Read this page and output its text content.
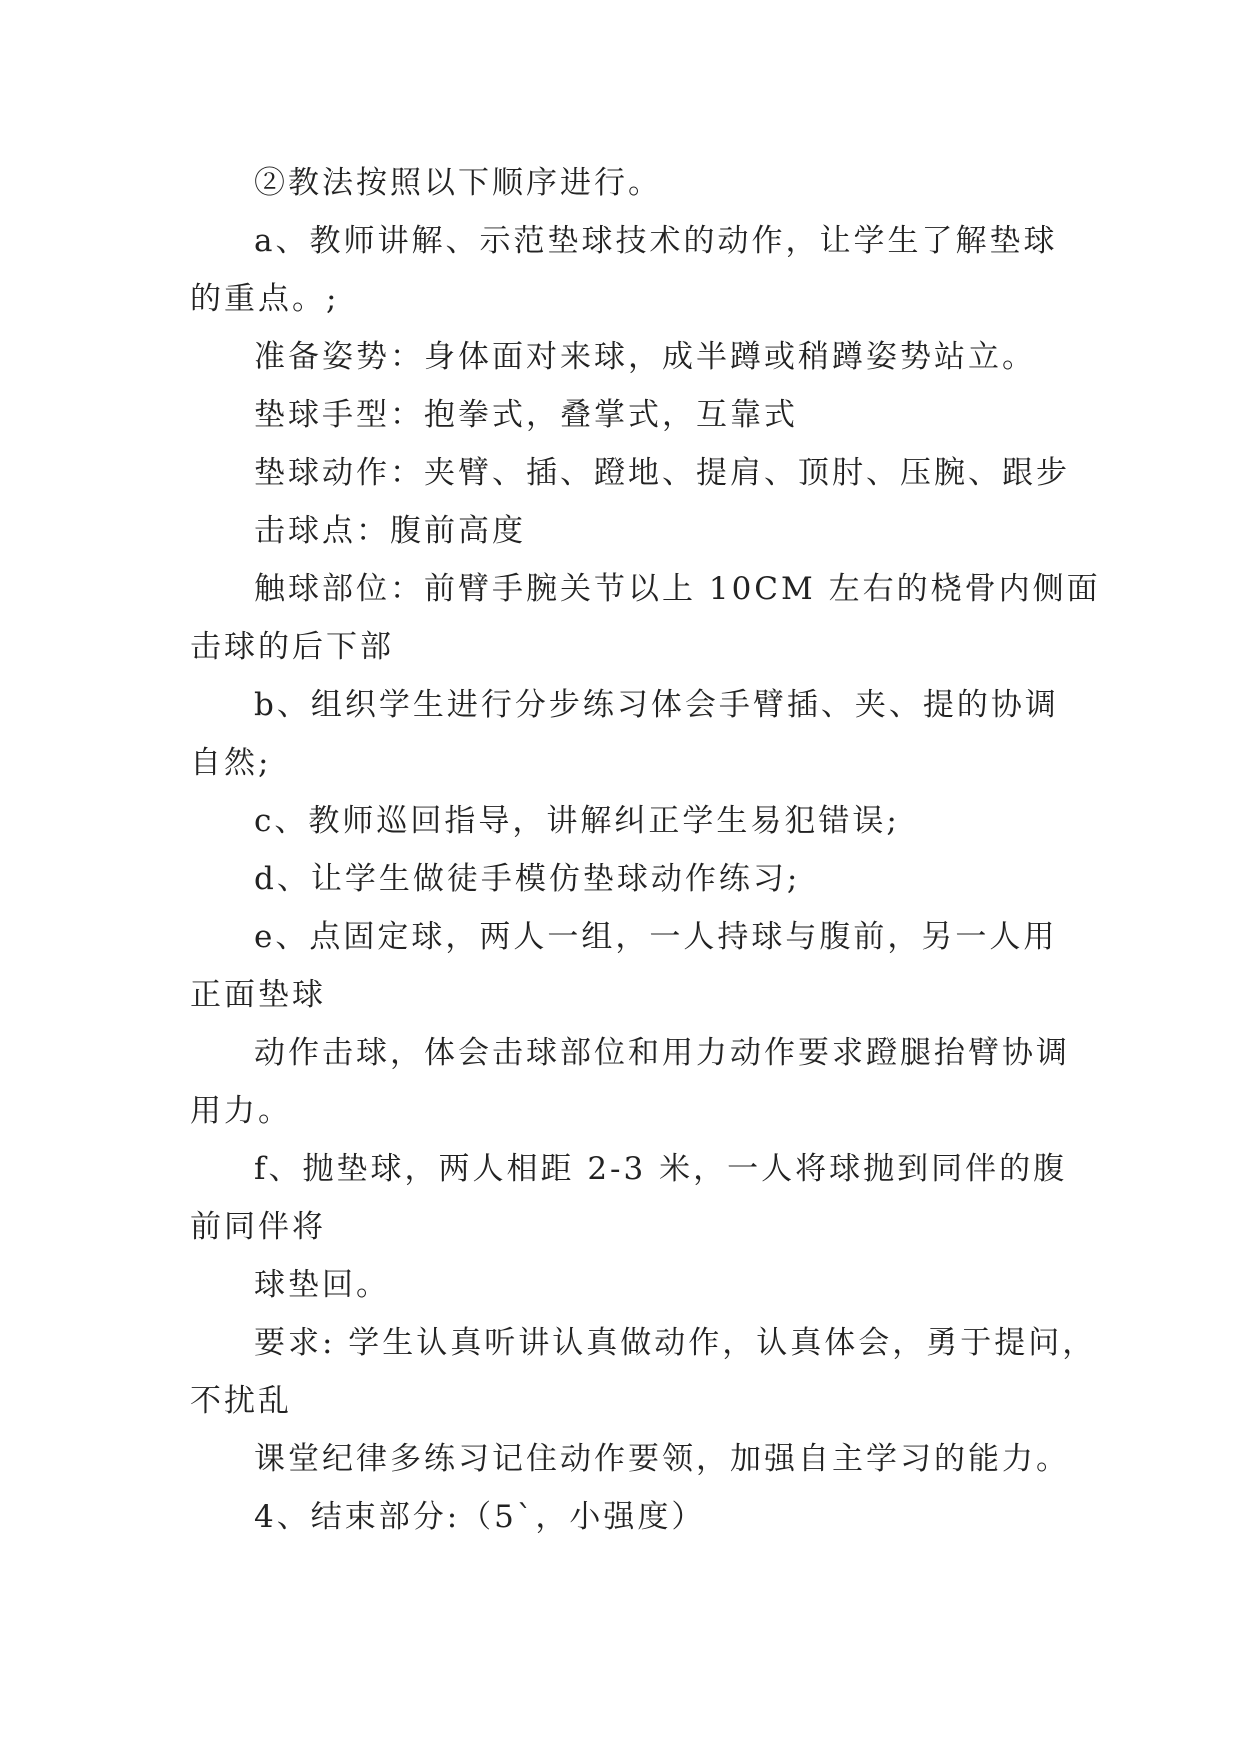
②教法按照以下顺序进行。
a、教师讲解、示范垫球技术的动作，让学生了解垫球
的重点。;
准备姿势：身体面对来球，成半蹲或稍蹲姿势站立。
垫球手型：抱拳式，叠掌式，互靠式
垫球动作：夹臂、插、蹬地、提肩、顶肘、压腕、跟步
击球点：腹前高度
触球部位：前臂手腕关节以上 10CM 左右的桡骨内侧面
击球的后下部
b、组织学生进行分步练习体会手臂插、夹、提的协调
自然;
c、教师巡回指导，讲解纠正学生易犯错误;
d、让学生做徒手模仿垫球动作练习;
e、点固定球，两人一组，一人持球与腹前，另一人用
正面垫球
动作击球，体会击球部位和用力动作要求蹬腿抬臂协调
用力。
f、抛垫球，两人相距 2-3 米，一人将球抛到同伴的腹
前同伴将
球垫回。
要求: 学生认真听讲认真做动作，认真体会，勇于提问，
不扰乱
课堂纪律多练习记住动作要领，加强自主学习的能力。
4、结束部分:（5`，小强度）
